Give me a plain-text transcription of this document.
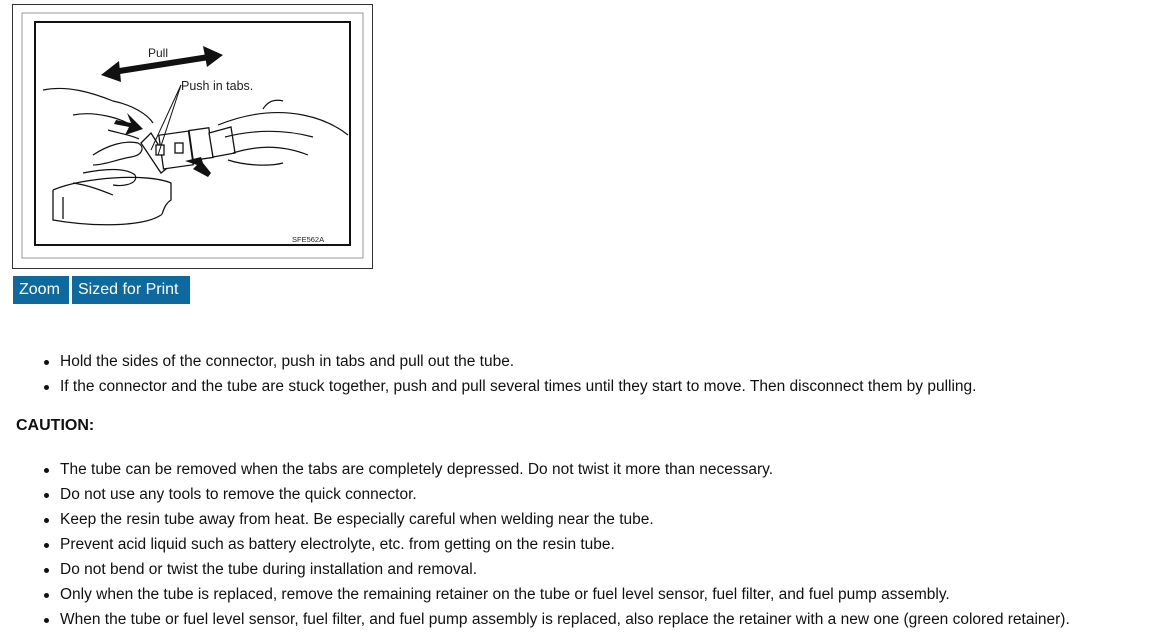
Pull
Push in tabs.
SFE562A
Zoom	Sized for Print
Hold the sides of the connector, push in tabs and pull out the tube.
If the connector and the tube are stuck together, push and pull several times until they start to move. Then disconnect them by pulling.
CAUTION:
The tube can be removed when the tabs are completely depressed. Do not twist it more than necessary.
Do not use any tools to remove the quick connector.
Keep the resin tube away from heat. Be especially careful when welding near the tube.
Prevent acid liquid such as battery electrolyte, etc. from getting on the resin tube.
Do not bend or twist the tube during installation and removal.
Only when the tube is replaced, remove the remaining retainer on the tube or fuel level sensor, fuel filter, and fuel pump assembly.
When the tube or fuel level sensor, fuel filter, and fuel pump assembly is replaced, also replace the retainer with a new one (green colored retainer).
